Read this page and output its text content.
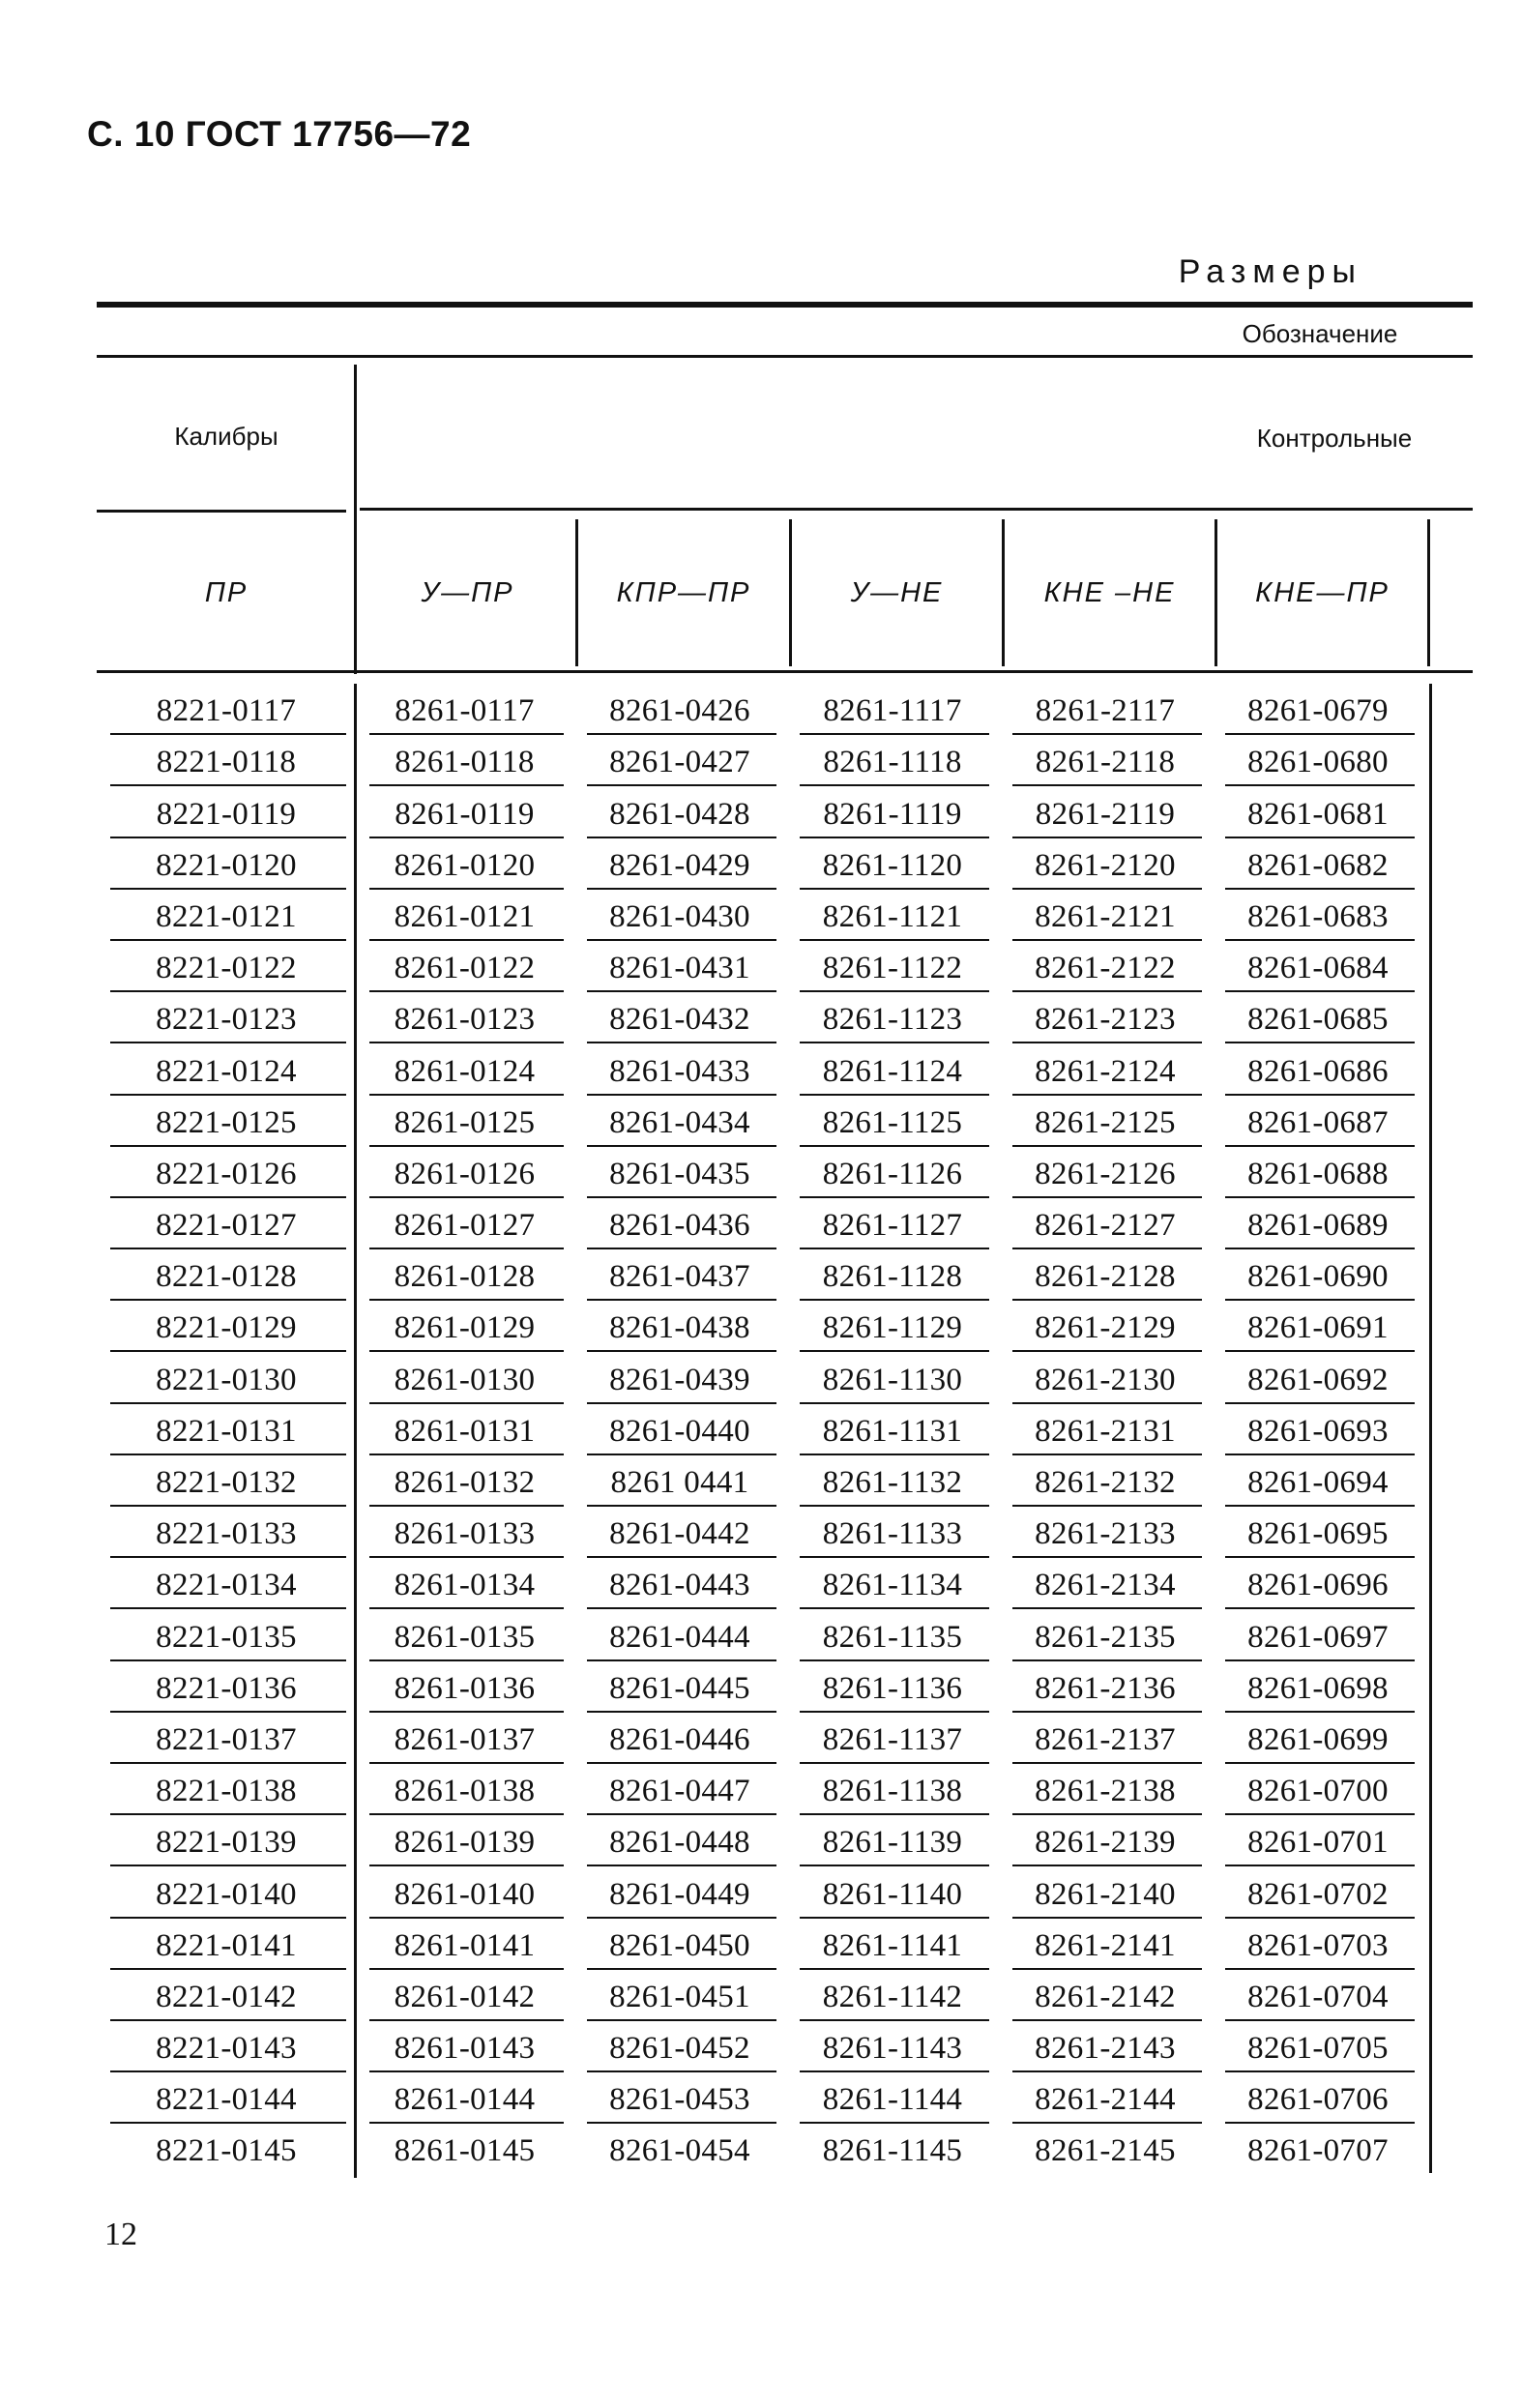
С. 10 ГОСТ 17756—72
Размеры
Обозначение
Калибры	Контрольные
ПР	У—ПР	КПР—ПР	У—НЕ	КНЕ –НЕ	КНЕ—ПР
8221-0117	8261-0117	8261-0426	8261-1117	8261-2117	8261-0679
8221-0118	8261-0118	8261-0427	8261-1118	8261-2118	8261-0680
8221-0119	8261-0119	8261-0428	8261-1119	8261-2119	8261-0681
8221-0120	8261-0120	8261-0429	8261-1120	8261-2120	8261-0682
8221-0121	8261-0121	8261-0430	8261-1121	8261-2121	8261-0683
8221-0122	8261-0122	8261-0431	8261-1122	8261-2122	8261-0684
8221-0123	8261-0123	8261-0432	8261-1123	8261-2123	8261-0685
8221-0124	8261-0124	8261-0433	8261-1124	8261-2124	8261-0686
8221-0125	8261-0125	8261-0434	8261-1125	8261-2125	8261-0687
8221-0126	8261-0126	8261-0435	8261-1126	8261-2126	8261-0688
8221-0127	8261-0127	8261-0436	8261-1127	8261-2127	8261-0689
8221-0128	8261-0128	8261-0437	8261-1128	8261-2128	8261-0690
8221-0129	8261-0129	8261-0438	8261-1129	8261-2129	8261-0691
8221-0130	8261-0130	8261-0439	8261-1130	8261-2130	8261-0692
8221-0131	8261-0131	8261-0440	8261-1131	8261-2131	8261-0693
8221-0132	8261-0132	8261 0441	8261-1132	8261-2132	8261-0694
8221-0133	8261-0133	8261-0442	8261-1133	8261-2133	8261-0695
8221-0134	8261-0134	8261-0443	8261-1134	8261-2134	8261-0696
8221-0135	8261-0135	8261-0444	8261-1135	8261-2135	8261-0697
8221-0136	8261-0136	8261-0445	8261-1136	8261-2136	8261-0698
8221-0137	8261-0137	8261-0446	8261-1137	8261-2137	8261-0699
8221-0138	8261-0138	8261-0447	8261-1138	8261-2138	8261-0700
8221-0139	8261-0139	8261-0448	8261-1139	8261-2139	8261-0701
8221-0140	8261-0140	8261-0449	8261-1140	8261-2140	8261-0702
8221-0141	8261-0141	8261-0450	8261-1141	8261-2141	8261-0703
8221-0142	8261-0142	8261-0451	8261-1142	8261-2142	8261-0704
8221-0143	8261-0143	8261-0452	8261-1143	8261-2143	8261-0705
8221-0144	8261-0144	8261-0453	8261-1144	8261-2144	8261-0706
8221-0145	8261-0145	8261-0454	8261-1145	8261-2145	8261-0707
12
